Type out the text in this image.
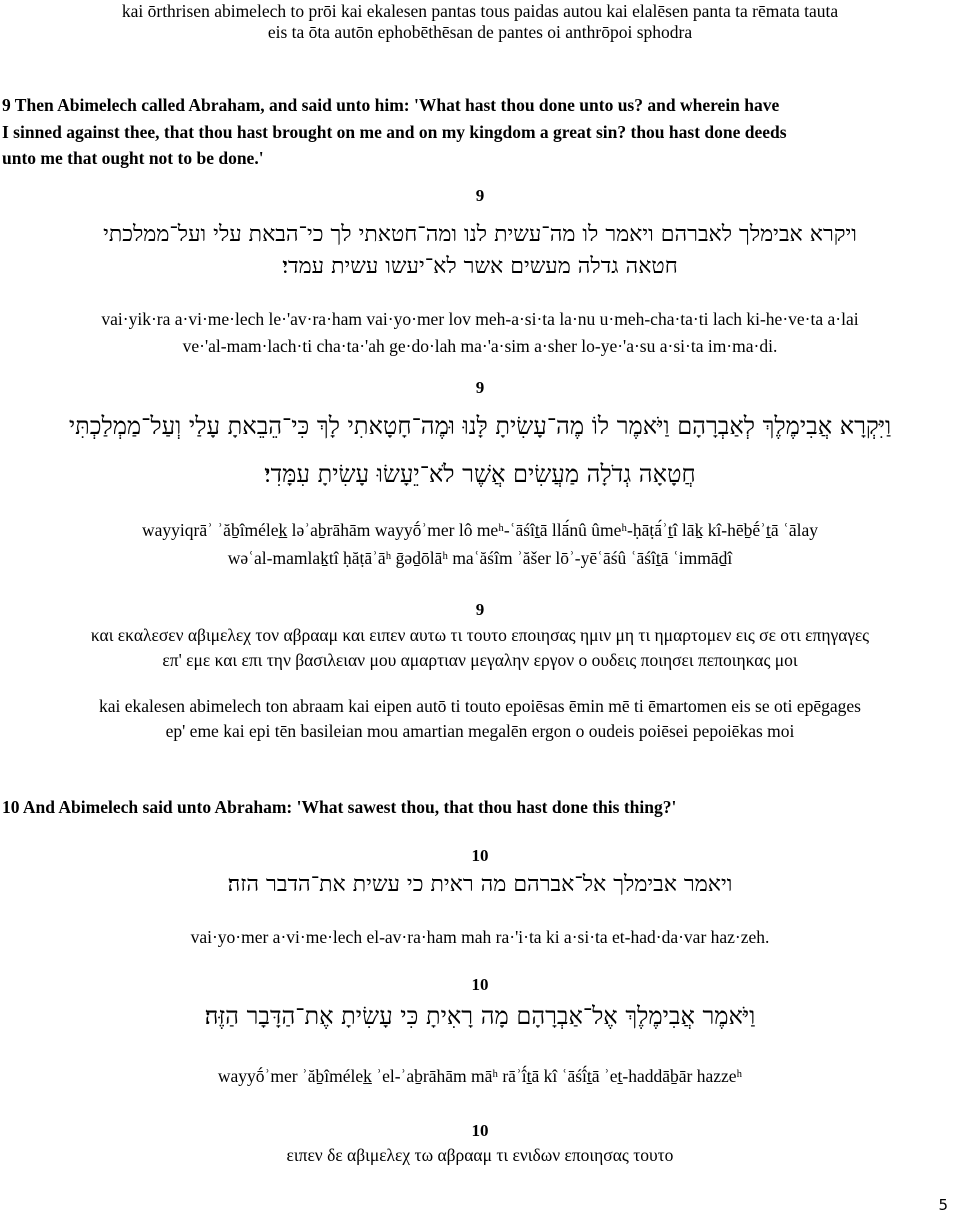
kai ōrthrisen abimelech to prōi kai ekalesen pantas tous paidas autou kai elalēsen panta ta rēmata tauta
eis ta ōta autōn ephobēthēsan de pantes oi anthrōpoi sphodra
9 Then Abimelech called Abraham, and said unto him: 'What hast thou done unto us? and wherein have
I sinned against thee, that thou hast brought on me and on my kingdom a great sin? thou hast done deeds
unto me that ought not to be done.'
9
ויקרא אבימלך לאברהם ויאמר לו מה־עשית לנו ומה־חטאתי לך כי־הבאת עלי ועל־ממלכתי
חטאה גדלה מעשים אשר לא־יעשו עשית עמדי׃
vai·yik·ra a·vi·me·lech le·'av·ra·ham vai·yo·mer lov meh-a·si·ta la·nu u·meh-cha·ta·ti lach ki-he·ve·ta a·lai
ve·'al-mam·lach·ti cha·ta·'ah ge·do·lah ma·'a·sim a·sher lo-ye·'a·su a·si·ta im·ma·di.
9
וַיִּקְרָא אֲבִימֶלֶךְ לְאַבְרָהָם וַיֹּאמֶר לוֹ מֶה־עָשִׂיתָ לָּנוּ וּמֶה־חָטָאתִי לָךְ כִּי־הֵבֵאתָ עָלַי וְעַל־מַמְלַכְתִּי
חֲטָאָה גְדֹלָה מַעֲשִׂים אֲשֶׁר לֹא־יֵעָשׂוּ עָשִׂיתָ עִמָּדִי׃
wayyiqrāʾ ʾăḇîmélek̲ ləʾaḇrāhām wayyṓʾmer lô meʰ-ʿāśîṯā llā́nû ûmeʰ-ḥāṭā́ʾṯî lāḵ kî-hēḇḗʾṯā ʿālay
wəʿal-mamlaḵtî ḥăṭāʾāʰ ḡəḏōlāʰ maʿăśîm ʾăšer lōʾ-yēʿāśû ʿāśîṯā ʿimmāḏî
9
και εκαλεσεν αβιμελεχ τον αβρααμ και ειπεν αυτω τι τουτο εποιησας ημιν μη τι ημαρτομεν εις σε οτι επηγαγες
επ' εμε και επι την βασιλειαν μου αμαρτιαν μεγαλην εργον ο ουδεις ποιησει πεποιηκας μοι
kai ekalesen abimelech ton abraam kai eipen autō ti touto epoiēsas ēmin mē ti ēmartomen eis se oti epēgages
ep' eme kai epi tēn basileian mou amartian megalēn ergon o oudeis poiēsei pepoiēkas moi
10 And Abimelech said unto Abraham: 'What sawest thou, that thou hast done this thing?'
10
ויאמר אבימלך אל־אברהם מה ראית כי עשית את־הדבר הזה׃
vai·yo·mer a·vi·me·lech el-av·ra·ham mah ra·'i·ta ki a·si·ta et-had·da·var haz·zeh.
10
וַיֹּאמֶר אֲבִימֶלֶךְ אֶל־אַבְרָהָם מָה רָאִיתָ כִּי עָשִׂיתָ אֶת־הַדָּבָר הַזֶּה׃
wayyṓʾmer ʾăḇîmélek̲ ʾel-ʾaḇrāhām māʰ rāʾî́ṯā kî ʿāśî́ṯā ʾeṯ-haddāḇār hazzeʰ
10
ειπεν δε αβιμελεχ τω αβρααμ τι ενιδων εποιησας τουτο
5
